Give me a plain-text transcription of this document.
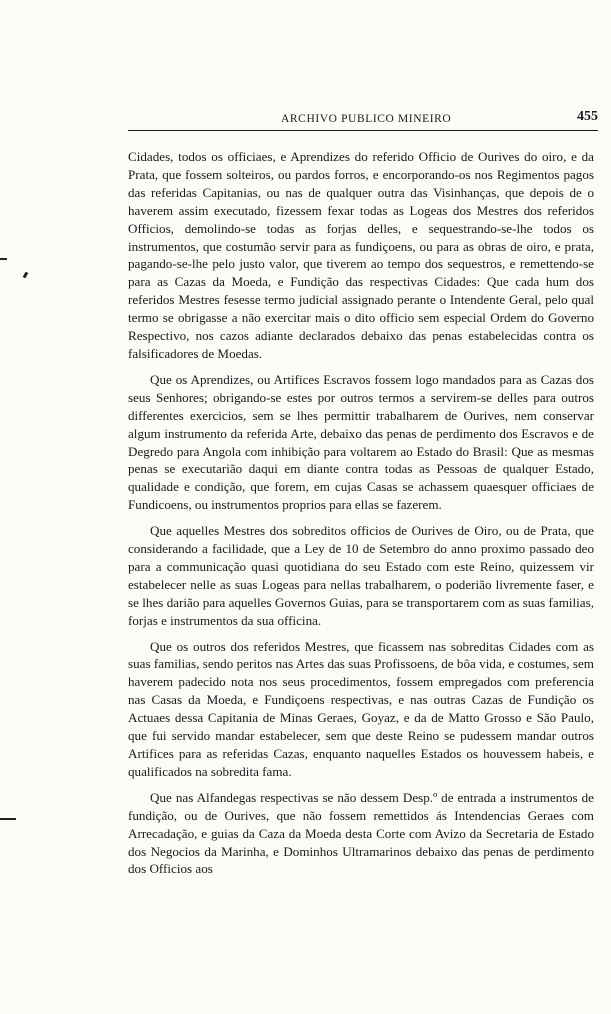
ARCHIVO PUBLICO MINEIRO	455

Cidades, todos os officiaes, e Aprendizes do referido Officio de Ourives do oiro, e da Prata, que fossem solteiros, ou pardos forros, e encorporando-os nos Regimentos pagos das referidas Capitanias, ou nas de qualquer outra das Visinhanças, que depois de o haverem assim executado, fizessem fexar todas as Logeas dos Mestres dos referidos Officios, demolindo-se todas as forjas delles, e sequestrando-se-lhe todos os instrumentos, que costumão servir para as fundiçoens, ou para as obras de oiro, e prata, pagando-se-lhe pelo justo valor, que tiverem ao tempo dos sequestros, e remettendo-se para as Cazas da Moeda, e Fundição das respectivas Cidades: Que cada hum dos referidos Mestres fesesse termo judicial assignado perante o Intendente Geral, pelo qual termo se obrigasse a não exercitar mais o dito officio sem especial Ordem do Governo Respectivo, nos cazos adiante declarados debaixo das penas estabelecidas contra os falsificadores de Moedas.

Que os Aprendizes, ou Artifices Escravos fossem logo mandados para as Cazas dos seus Senhores; obrigando-se estes por outros termos a servirem-se delles para outros differentes exercicios, sem se lhes permittir trabalharem de Ourives, nem conservar algum instrumento da referida Arte, debaixo das penas de perdimento dos Escravos e de Degredo para Angola com inhibição para voltarem ao Estado do Brasil: Que as mesmas penas se executarião daqui em diante contra todas as Pessoas de qualquer Estado, qualidade e condição, que forem, em cujas Casas se achassem quaesquer officiaes de Fundicoens, ou instrumentos proprios para ellas se fazerem.

Que aquelles Mestres dos sobreditos officios de Ourives de Oiro, ou de Prata, que considerando a facilidade, que a Ley de 10 de Setembro do anno proximo passado deo para a communicação quasi quotidiana do seu Estado com este Reino, quizessem vir estabelecer nelle as suas Logeas para nellas trabalharem, o poderião livremente faser, e se lhes darião para aquelles Governos Guias, para se transportarem com as suas familias, forjas e instrumentos da sua officina.

Que os outros dos referidos Mestres, que ficassem nas sobreditas Cidades com as suas familias, sendo peritos nas Artes das suas Profissoens, de bôa vida, e costumes, sem haverem padecido nota nos seus procedimentos, fossem empregados com preferencia nas Casas da Moeda, e Fundiçoens respectivas, e nas outras Cazas de Fundição os Actuaes dessa Capitania de Minas Geraes, Goyaz, e da de Matto Grosso e São Paulo, que fui servido mandar estabelecer, sem que deste Reino se pudessem mandar outros Artifices para as referidas Cazas, enquanto naquelles Estados os houvessem habeis, e qualificados na sobredita fama.

Que nas Alfandegas respectivas se não dessem Desp.º de entrada a instrumentos de fundição, ou de Ourives, que não fossem remettidos ás Intendencias Geraes com Arrecadação, e guias da Caza da Moeda desta Corte com Avizo da Secretaria de Estado dos Negocios da Marinha, e Dominhos Ultramarinos debaixo das penas de perdimento dos Officios aos
